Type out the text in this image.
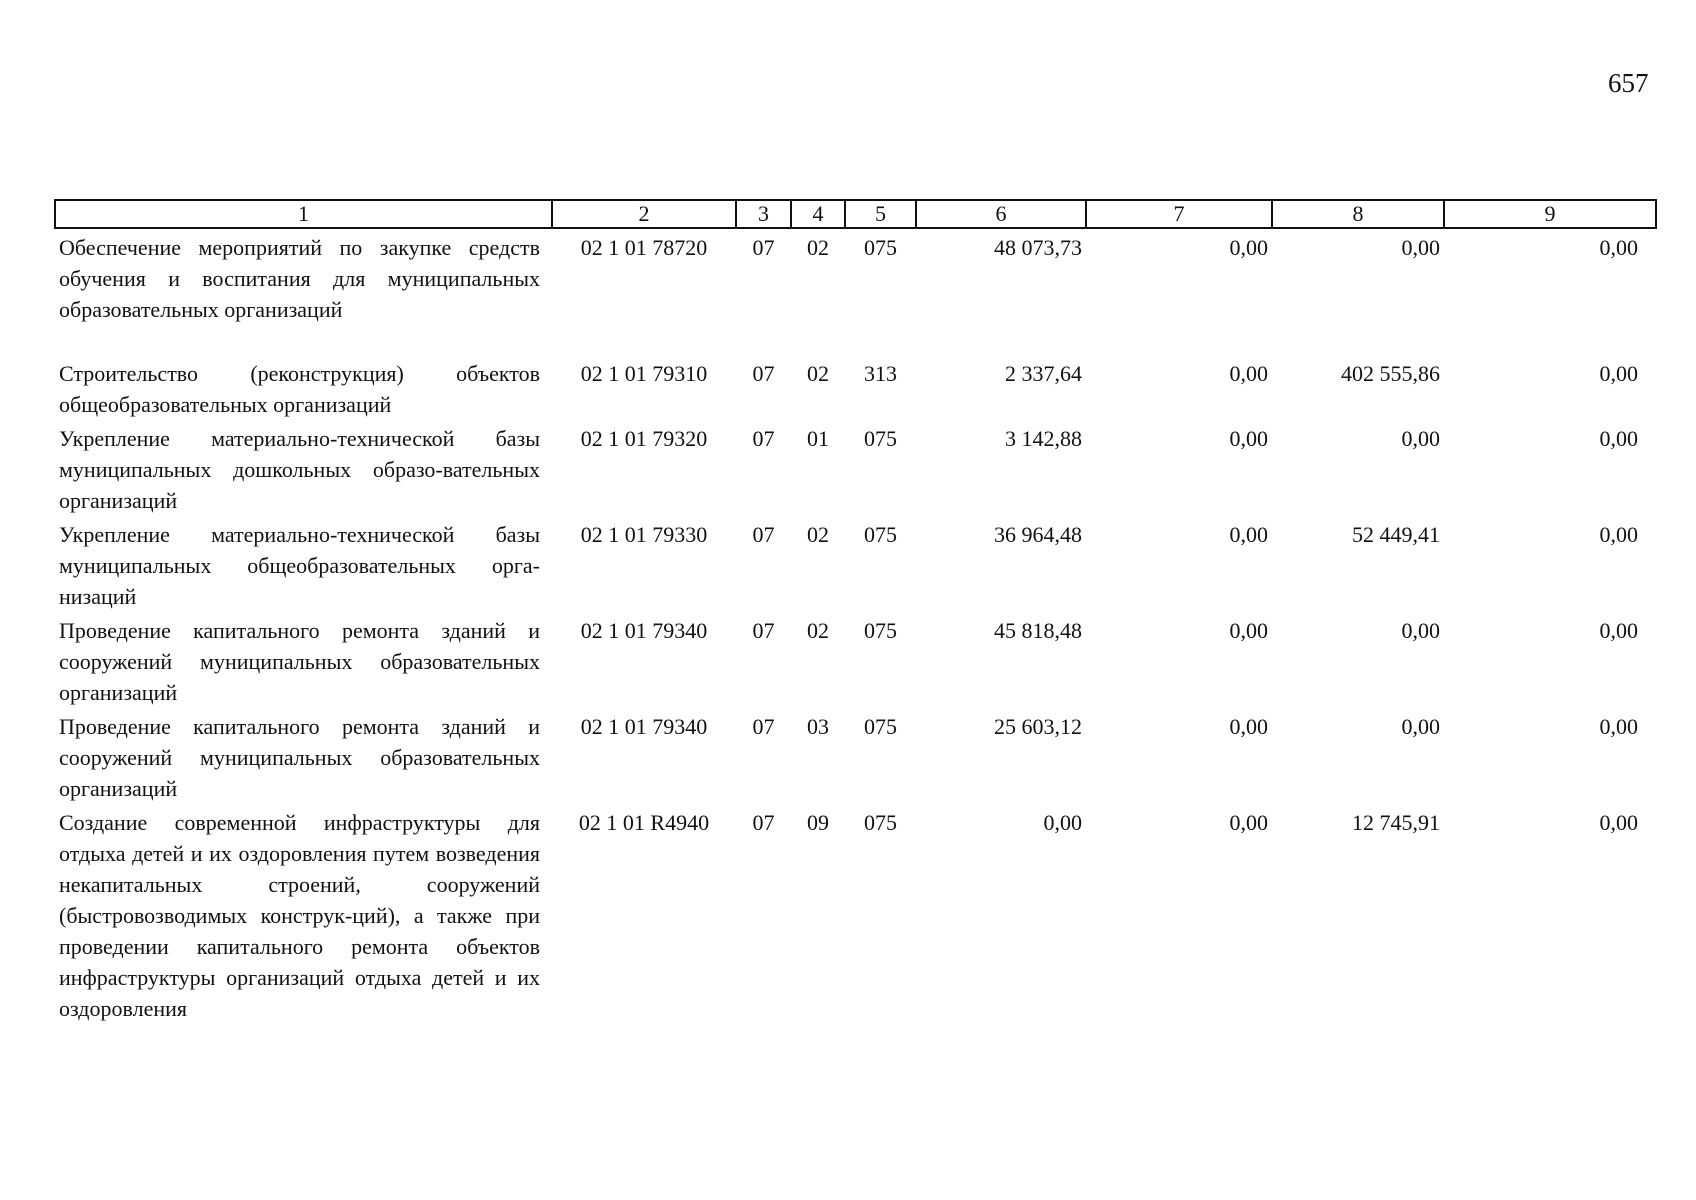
657
1	2	3	4	5	6	7	8	9
Обеспечение мероприятий по закупке средств обучения и воспитания для муниципальных образовательных организаций	02 1 01 78720	07	02	075	48 073,73	0,00	0,00	0,00
Строительство (реконструкция) объектов общеобразовательных организаций	02 1 01 79310	07	02	313	2 337,64	0,00	402 555,86	0,00
Укрепление материально-технической базы муниципальных дошкольных образо-вательных организаций	02 1 01 79320	07	01	075	3 142,88	0,00	0,00	0,00
Укрепление материально-технической базы муниципальных общеобразовательных орга-низаций	02 1 01 79330	07	02	075	36 964,48	0,00	52 449,41	0,00
Проведение капитального ремонта зданий и сооружений муниципальных образовательных организаций	02 1 01 79340	07	02	075	45 818,48	0,00	0,00	0,00
Проведение капитального ремонта зданий и сооружений муниципальных образовательных организаций	02 1 01 79340	07	03	075	25 603,12	0,00	0,00	0,00
Создание современной инфраструктуры для отдыха детей и их оздоровления путем возведения некапитальных строений, сооружений (быстровозводимых конструк-ций), а также при проведении капитального ремонта объектов инфраструктуры организаций отдыха детей и их оздоровления	02 1 01 R4940	07	09	075	0,00	0,00	12 745,91	0,00
